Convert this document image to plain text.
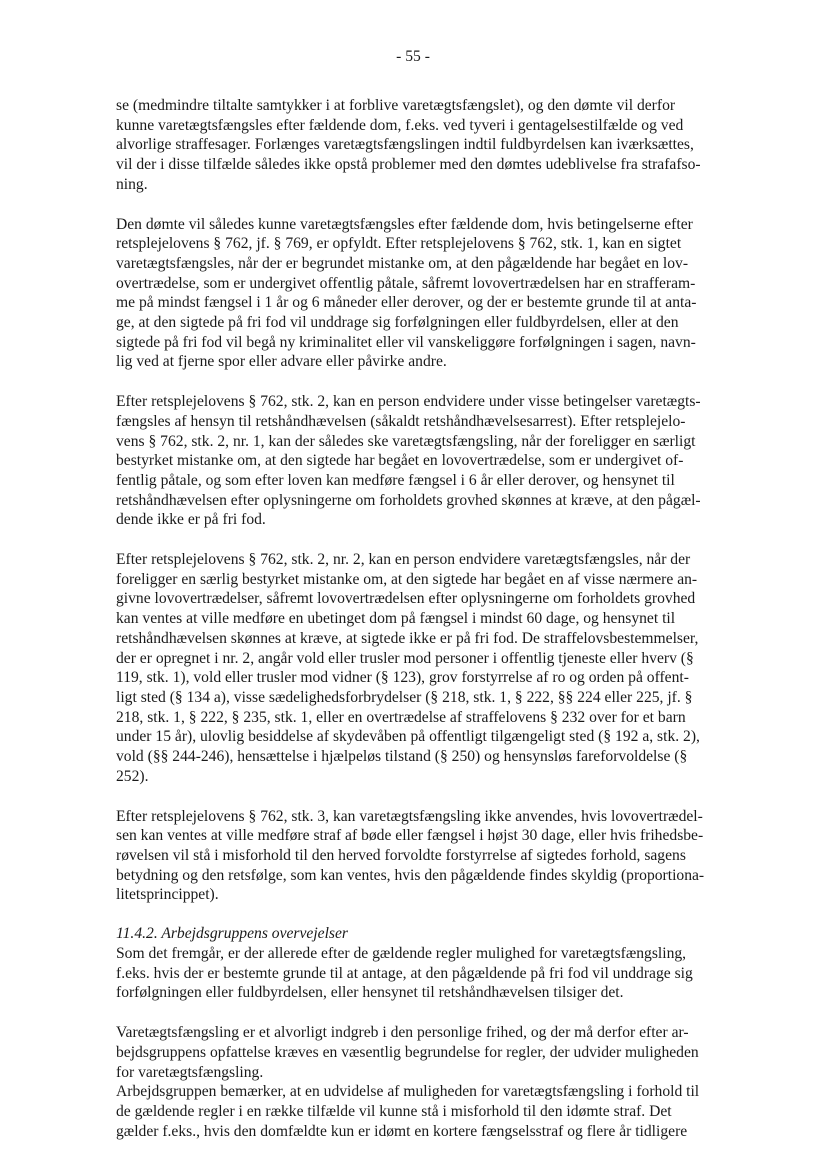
- 55 -
se (medmindre tiltalte samtykker i at forblive varetægtsfængslet), og den dømte vil derfor
kunne varetægtsfængsles efter fældende dom, f.eks. ved tyveri i gentagelsestilfælde og ved
alvorlige straffesager. Forlænges varetægtsfængslingen indtil fuldbyrdelsen kan iværksættes,
vil der i disse tilfælde således ikke opstå problemer med den dømtes udeblivelse fra strafafso-
ning.
Den dømte vil således kunne varetægtsfængsles efter fældende dom, hvis betingelserne efter
retsplejelovens § 762, jf. § 769, er opfyldt. Efter retsplejelovens § 762, stk. 1, kan en sigtet
varetægtsfængsles, når der er begrundet mistanke om, at den pågældende har begået en lov-
overtrædelse, som er undergivet offentlig påtale, såfremt lovovertrædelsen har en strafferam-
me på mindst fængsel i 1 år og 6 måneder eller derover, og der er bestemte grunde til at anta-
ge, at den sigtede på fri fod vil unddrage sig forfølgningen eller fuldbyrdelsen, eller at den
sigtede på fri fod vil begå ny kriminalitet eller vil vanskeliggøre forfølgningen i sagen, navn-
lig ved at fjerne spor eller advare eller påvirke andre.
Efter retsplejelovens § 762, stk. 2, kan en person endvidere under visse betingelser varetægts-
fængsles af hensyn til retshåndhævelsen (såkaldt retshåndhævelsesarrest). Efter retsplejelo-
vens § 762, stk. 2, nr. 1, kan der således ske varetægtsfængsling, når der foreligger en særligt
bestyrket mistanke om, at den sigtede har begået en lovovertrædelse, som er undergivet of-
fentlig påtale, og som efter loven kan medføre fængsel i 6 år eller derover, og hensynet til
retshåndhævelsen efter oplysningerne om forholdets grovhed skønnes at kræve, at den pågæl-
dende ikke er på fri fod.
Efter retsplejelovens § 762, stk. 2, nr. 2, kan en person endvidere varetægtsfængsles, når der
foreligger en særlig bestyrket mistanke om, at den sigtede har begået en af visse nærmere an-
givne lovovertrædelser, såfremt lovovertrædelsen efter oplysningerne om forholdets grovhed
kan ventes at ville medføre en ubetinget dom på fængsel i mindst 60 dage, og hensynet til
retshåndhævelsen skønnes at kræve, at sigtede ikke er på fri fod. De straffelovsbestemmelser,
der er opregnet i nr. 2, angår vold eller trusler mod personer i offentlig tjeneste eller hverv (§
119, stk. 1), vold eller trusler mod vidner (§ 123), grov forstyrrelse af ro og orden på offent-
ligt sted (§ 134 a), visse sædelighedsforbrydelser (§ 218, stk. 1, § 222, §§ 224 eller 225, jf. §
218, stk. 1, § 222, § 235, stk. 1, eller en overtrædelse af straffelovens § 232 over for et barn
under 15 år), ulovlig besiddelse af skydevåben på offentligt tilgængeligt sted (§ 192 a, stk. 2),
vold (§§ 244-246), hensættelse i hjælpeløs tilstand (§ 250) og hensynsløs fareforvoldelse (§
252).
Efter retsplejelovens § 762, stk. 3, kan varetægtsfængsling ikke anvendes, hvis lovovertrædel-
sen kan ventes at ville medføre straf af bøde eller fængsel i højst 30 dage, eller hvis frihedsbe-
røvelsen vil stå i misforhold til den herved forvoldte forstyrrelse af sigtedes forhold, sagens
betydning og den retsfølge, som kan ventes, hvis den pågældende findes skyldig (proportiona-
litetsprincippet).
11.4.2. Arbejdsgruppens overvejelser
Som det fremgår, er der allerede efter de gældende regler mulighed for varetægtsfængsling,
f.eks. hvis der er bestemte grunde til at antage, at den pågældende på fri fod vil unddrage sig
forfølgningen eller fuldbyrdelsen, eller hensynet til retshåndhævelsen tilsiger det.
Varetægtsfængsling er et alvorligt indgreb i den personlige frihed, og der må derfor efter ar-
bejdsgruppens opfattelse kræves en væsentlig begrundelse for regler, der udvider muligheden
for varetægtsfængsling.
Arbejdsgruppen bemærker, at en udvidelse af muligheden for varetægtsfængsling i forhold til
de gældende regler i en række tilfælde vil kunne stå i misforhold til den idømte straf. Det
gælder f.eks., hvis den domfældte kun er idømt en kortere fængselsstraf og flere år tidligere
